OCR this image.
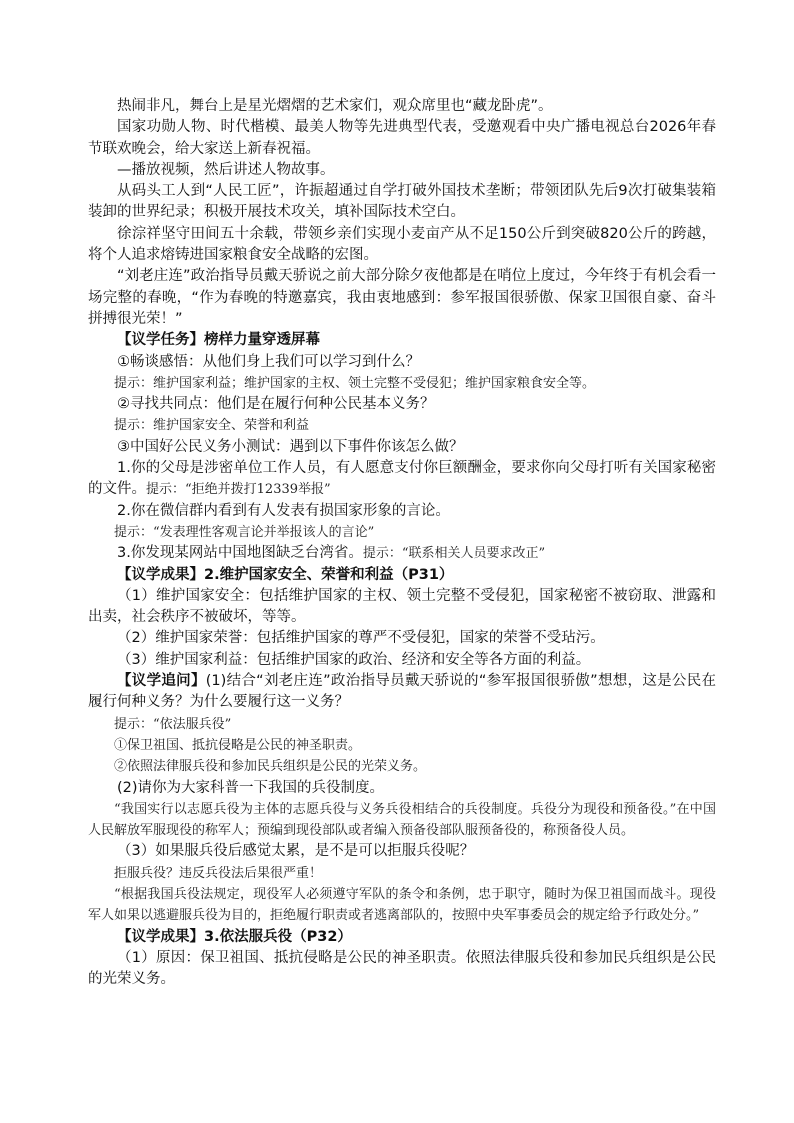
热闹非凡，舞台上是星光熠熠的艺术家们，观众席里也“藏龙卧虎”。

国家功勋人物、时代楷模、最美人物等先进典型代表，受邀观看中央广播电视总台2026年春节联欢晚会，给大家送上新春祝福。

—播放视频，然后讲述人物故事。

从码头工人到“人民工匠”，许振超通过自学打破外国技术垄断；带领团队先后9次打破集装箱装卸的世界纪录；积极开展技术攻关，填补国际技术空白。

徐淙祥坚守田间五十余载，带领乡亲们实现小麦亩产从不足150公斤到突破820公斤的跨越，将个人追求熔铸进国家粮食安全战略的宏图。

“刘老庄连”政治指导员戴天骄说之前大部分除夕夜他都是在哨位上度过，今年终于有机会看一场完整的春晚，“作为春晚的特邀嘉宾，我由衷地感到：参军报国很骄傲、保家卫国很自豪、奋斗拼搏很光荣！”

【议学任务】榜样力量穿透屏幕

①畅谈感悟：从他们身上我们可以学习到什么？

提示：维护国家利益；维护国家的主权、领土完整不受侵犯；维护国家粮食安全等。

②寻找共同点：他们是在履行何种公民基本义务？

提示：维护国家安全、荣誉和利益

③中国好公民义务小测试：遇到以下事件你该怎么做？

1.你的父母是涉密单位工作人员，有人愿意支付你巨额酬金，要求你向父母打听有关国家秘密的文件。提示：“拒绝并拨打12339举报”

2.你在微信群内看到有人发表有损国家形象的言论。

提示：“发表理性客观言论并举报该人的言论”

3.你发现某网站中国地图缺乏台湾省。提示：“联系相关人员要求改正”

【议学成果】2.维护国家安全、荣誉和利益（P31）

（1）维护国家安全：包括维护国家的主权、领土完整不受侵犯，国家秘密不被窃取、泄露和出卖，社会秩序不被破坏，等等。

（2）维护国家荣誉：包括维护国家的尊严不受侵犯，国家的荣誉不受玷污。

（3）维护国家利益：包括维护国家的政治、经济和安全等各方面的利益。

【议学追问】(1)结合“刘老庄连”政治指导员戴天骄说的“参军报国很骄傲”想想，这是公民在履行何种义务？为什么要履行这一义务？

提示：“依法服兵役”

①保卫祖国、抵抗侵略是公民的神圣职责。

②依照法律服兵役和参加民兵组织是公民的光荣义务。

(2)请你为大家科普一下我国的兵役制度。

“我国实行以志愿兵役为主体的志愿兵役与义务兵役相结合的兵役制度。兵役分为现役和预备役。”在中国人民解放军服现役的称军人；预编到现役部队或者编入预备役部队服预备役的，称预备役人员。

（3）如果服兵役后感觉太累，是不是可以拒服兵役呢？

拒服兵役？违反兵役法后果很严重！

“根据我国兵役法规定，现役军人必须遵守军队的条令和条例，忠于职守，随时为保卫祖国而战斗。现役军人如果以逃避服兵役为目的，拒绝履行职责或者逃离部队的，按照中央军事委员会的规定给予行政处分。”

【议学成果】3.依法服兵役（P32）

（1）原因：保卫祖国、抵抗侵略是公民的神圣职责。依照法律服兵役和参加民兵组织是公民的光荣义务。
